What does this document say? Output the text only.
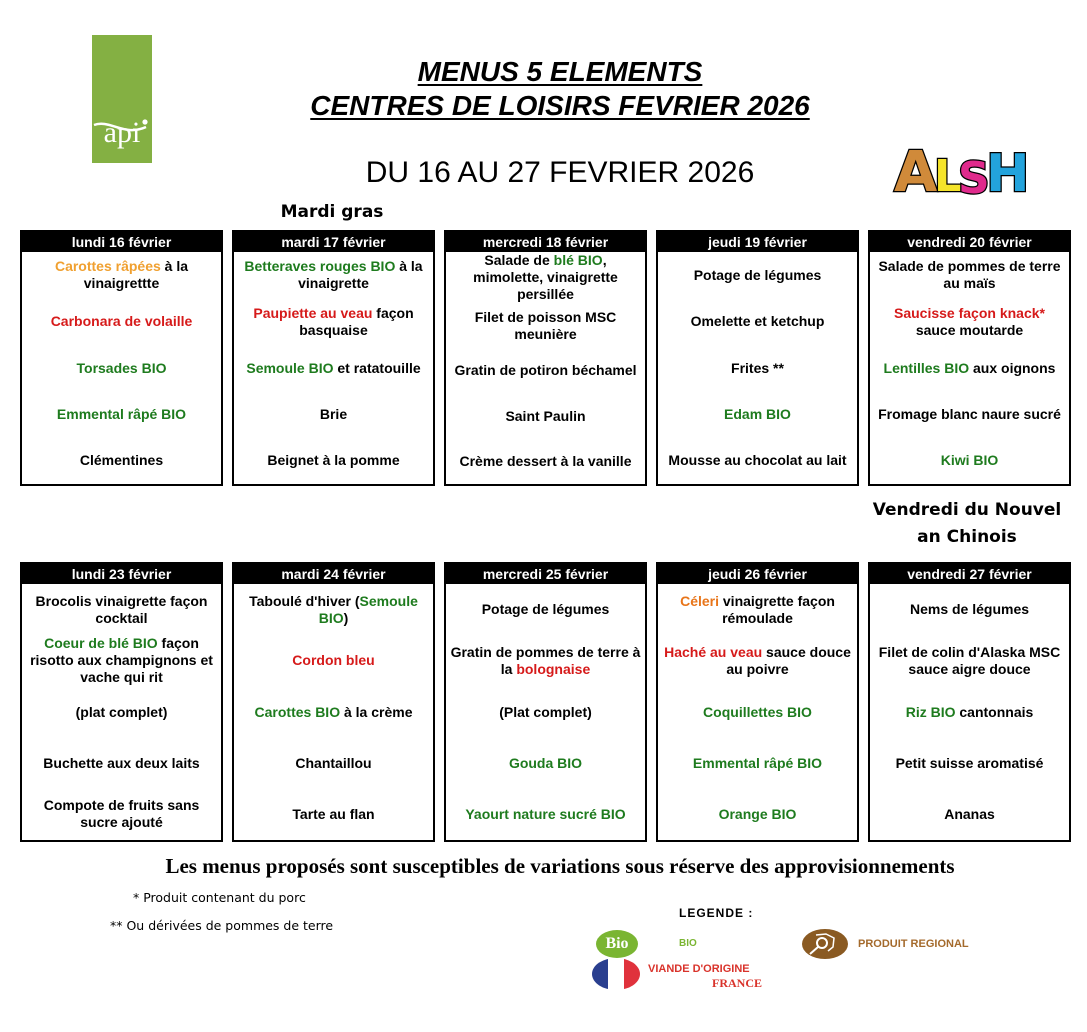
api
MENUS 5 ELEMENTS
CENTRES DE LOISIRS FEVRIER 2026
DU 16 AU 27 FEVRIER 2026	A
L
S
H
Mardi gras
Vendredi du Nouvel an Chinois
lundi 16 février
Carottes râpées à la vinaigrettte
Carbonara de volaille
Torsades BIO
Emmental râpé BIO
Clémentines
mardi 17 février
Betteraves rouges BIO à la vinaigrette
Paupiette au veau façon basquaise
Semoule BIO et ratatouille
Brie
Beignet à la pomme
mercredi 18 février
Salade de blé BIO, mimolette, vinaigrette persillée
Filet de poisson MSC meunière
Gratin de potiron béchamel
Saint Paulin
Crème dessert à la vanille
jeudi 19 février
Potage de légumes
Omelette et ketchup
Frites **
Edam BIO
Mousse au chocolat au lait
vendredi 20 février
Salade de pommes de terre au maïs
Saucisse façon knack* sauce moutarde
Lentilles BIO aux oignons
Fromage blanc naure sucré
Kiwi BIO
lundi 23 février
Brocolis vinaigrette façon cocktail
Coeur de blé BIO façon risotto aux champignons et vache qui rit
(plat complet)
Buchette aux deux laits
Compote de fruits sans sucre ajouté
mardi 24 février
Taboulé d'hiver (Semoule BIO)
Cordon bleu
Carottes BIO à la crème
Chantaillou
Tarte au flan
mercredi 25 février
Potage de légumes
Gratin de pommes de terre à la bolognaise
(Plat complet)
Gouda BIO
Yaourt nature sucré BIO
jeudi 26 février
Céleri vinaigrette façon rémoulade
Haché au veau sauce douce au poivre
Coquillettes BIO
Emmental râpé BIO
Orange BIO
vendredi 27 février
Nems de légumes
Filet de colin d'Alaska MSC sauce aigre douce
Riz BIO cantonnais
Petit suisse aromatisé
Ananas
Les menus proposés sont susceptibles de variations sous réserve des approvisionnements
* Produit contenant du porc
** Ou dérivées de pommes de terre
LEGENDE :
Bio	BIO
VIANDE D'ORIGINE
FRANCE
PRODUIT REGIONAL
